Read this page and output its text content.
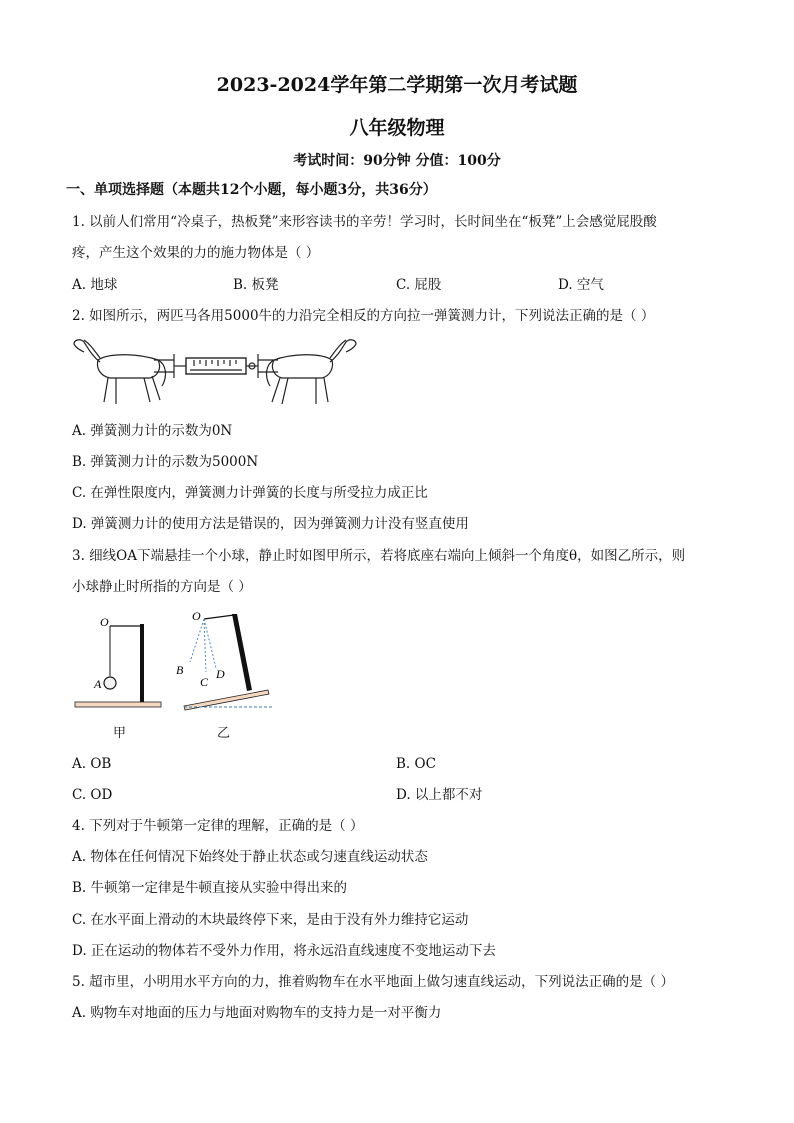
2023-2024学年第二学期第一次月考试题
八年级物理
考试时间：90分钟 分值：100分
一、单项选择题（本题共12个小题，每小题3分，共36分）
1. 以前人们常用“冷桌子，热板凳”来形容读书的辛劳！学习时，长时间坐在“板凳”上会感觉屁股酸
疼，产生这个效果的力的施力物体是（ ）
A. 地球	B. 板凳	C. 屁股	D. 空气
2. 如图所示，两匹马各用5000牛的力沿完全相反的方向拉一弹簧测力计，下列说法正确的是（ ）
A. 弹簧测力计的示数为0N
B. 弹簧测力计的示数为5000N
C. 在弹性限度内，弹簧测力计弹簧的长度与所受拉力成正比
D. 弹簧测力计的使用方法是错误的，因为弹簧测力计没有竖直使用
3. 细线OA下端悬挂一个小球，静止时如图甲所示，若将底座右端向上倾斜一个角度θ，如图乙所示，则
小球静止时所指的方向是（ ）
O
A
O
B
C
D
甲	乙
A. OB	B. OC
C. OD	D. 以上都不对
4. 下列对于牛顿第一定律的理解，正确的是（ ）
A. 物体在任何情况下始终处于静止状态或匀速直线运动状态
B. 牛顿第一定律是牛顿直接从实验中得出来的
C. 在水平面上滑动的木块最终停下来，是由于没有外力维持它运动
D. 正在运动的物体若不受外力作用，将永远沿直线速度不变地运动下去
5. 超市里，小明用水平方向的力，推着购物车在水平地面上做匀速直线运动，下列说法正确的是（ ）
A. 购物车对地面的压力与地面对购物车的支持力是一对平衡力
